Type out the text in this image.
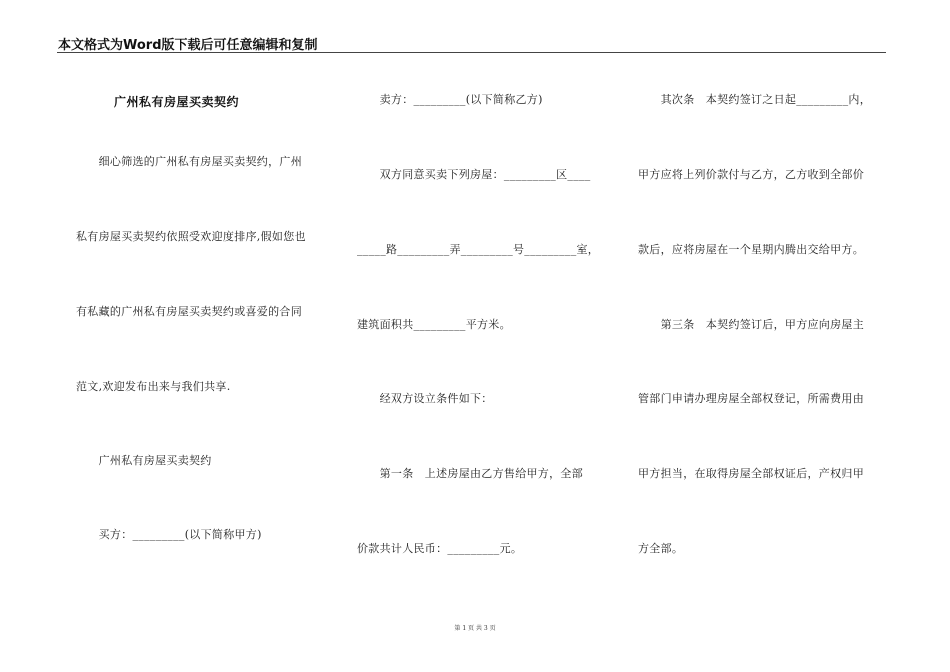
本文格式为Word版下载后可任意编辑和复制
广州私有房屋买卖契约
　　细心筛选的广州私有房屋买卖契约，广州
私有房屋买卖契约依照受欢迎度排序,假如您也
有私藏的广州私有房屋买卖契约或喜爱的合同
范文,欢迎发布出来与我们共享.
　　广州私有房屋买卖契约
　　买方：_________(以下简称甲方)
　　卖方：_________(以下简称乙方)
　　双方同意买卖下列房屋：_________区____
_____路_________弄_________号_________室，
建筑面积共_________平方米。
　　经双方设立条件如下：
　　第一条　上述房屋由乙方售给甲方，全部
价款共计人民币：_________元。
　　其次条　本契约签订之日起_________内，
甲方应将上列价款付与乙方，乙方收到全部价
款后，应将房屋在一个星期内腾出交给甲方。
　　第三条　本契约签订后，甲方应向房屋主
管部门申请办理房屋全部权登记，所需费用由
甲方担当，在取得房屋全部权证后，产权归甲
方全部。
第 1 页 共 3 页
